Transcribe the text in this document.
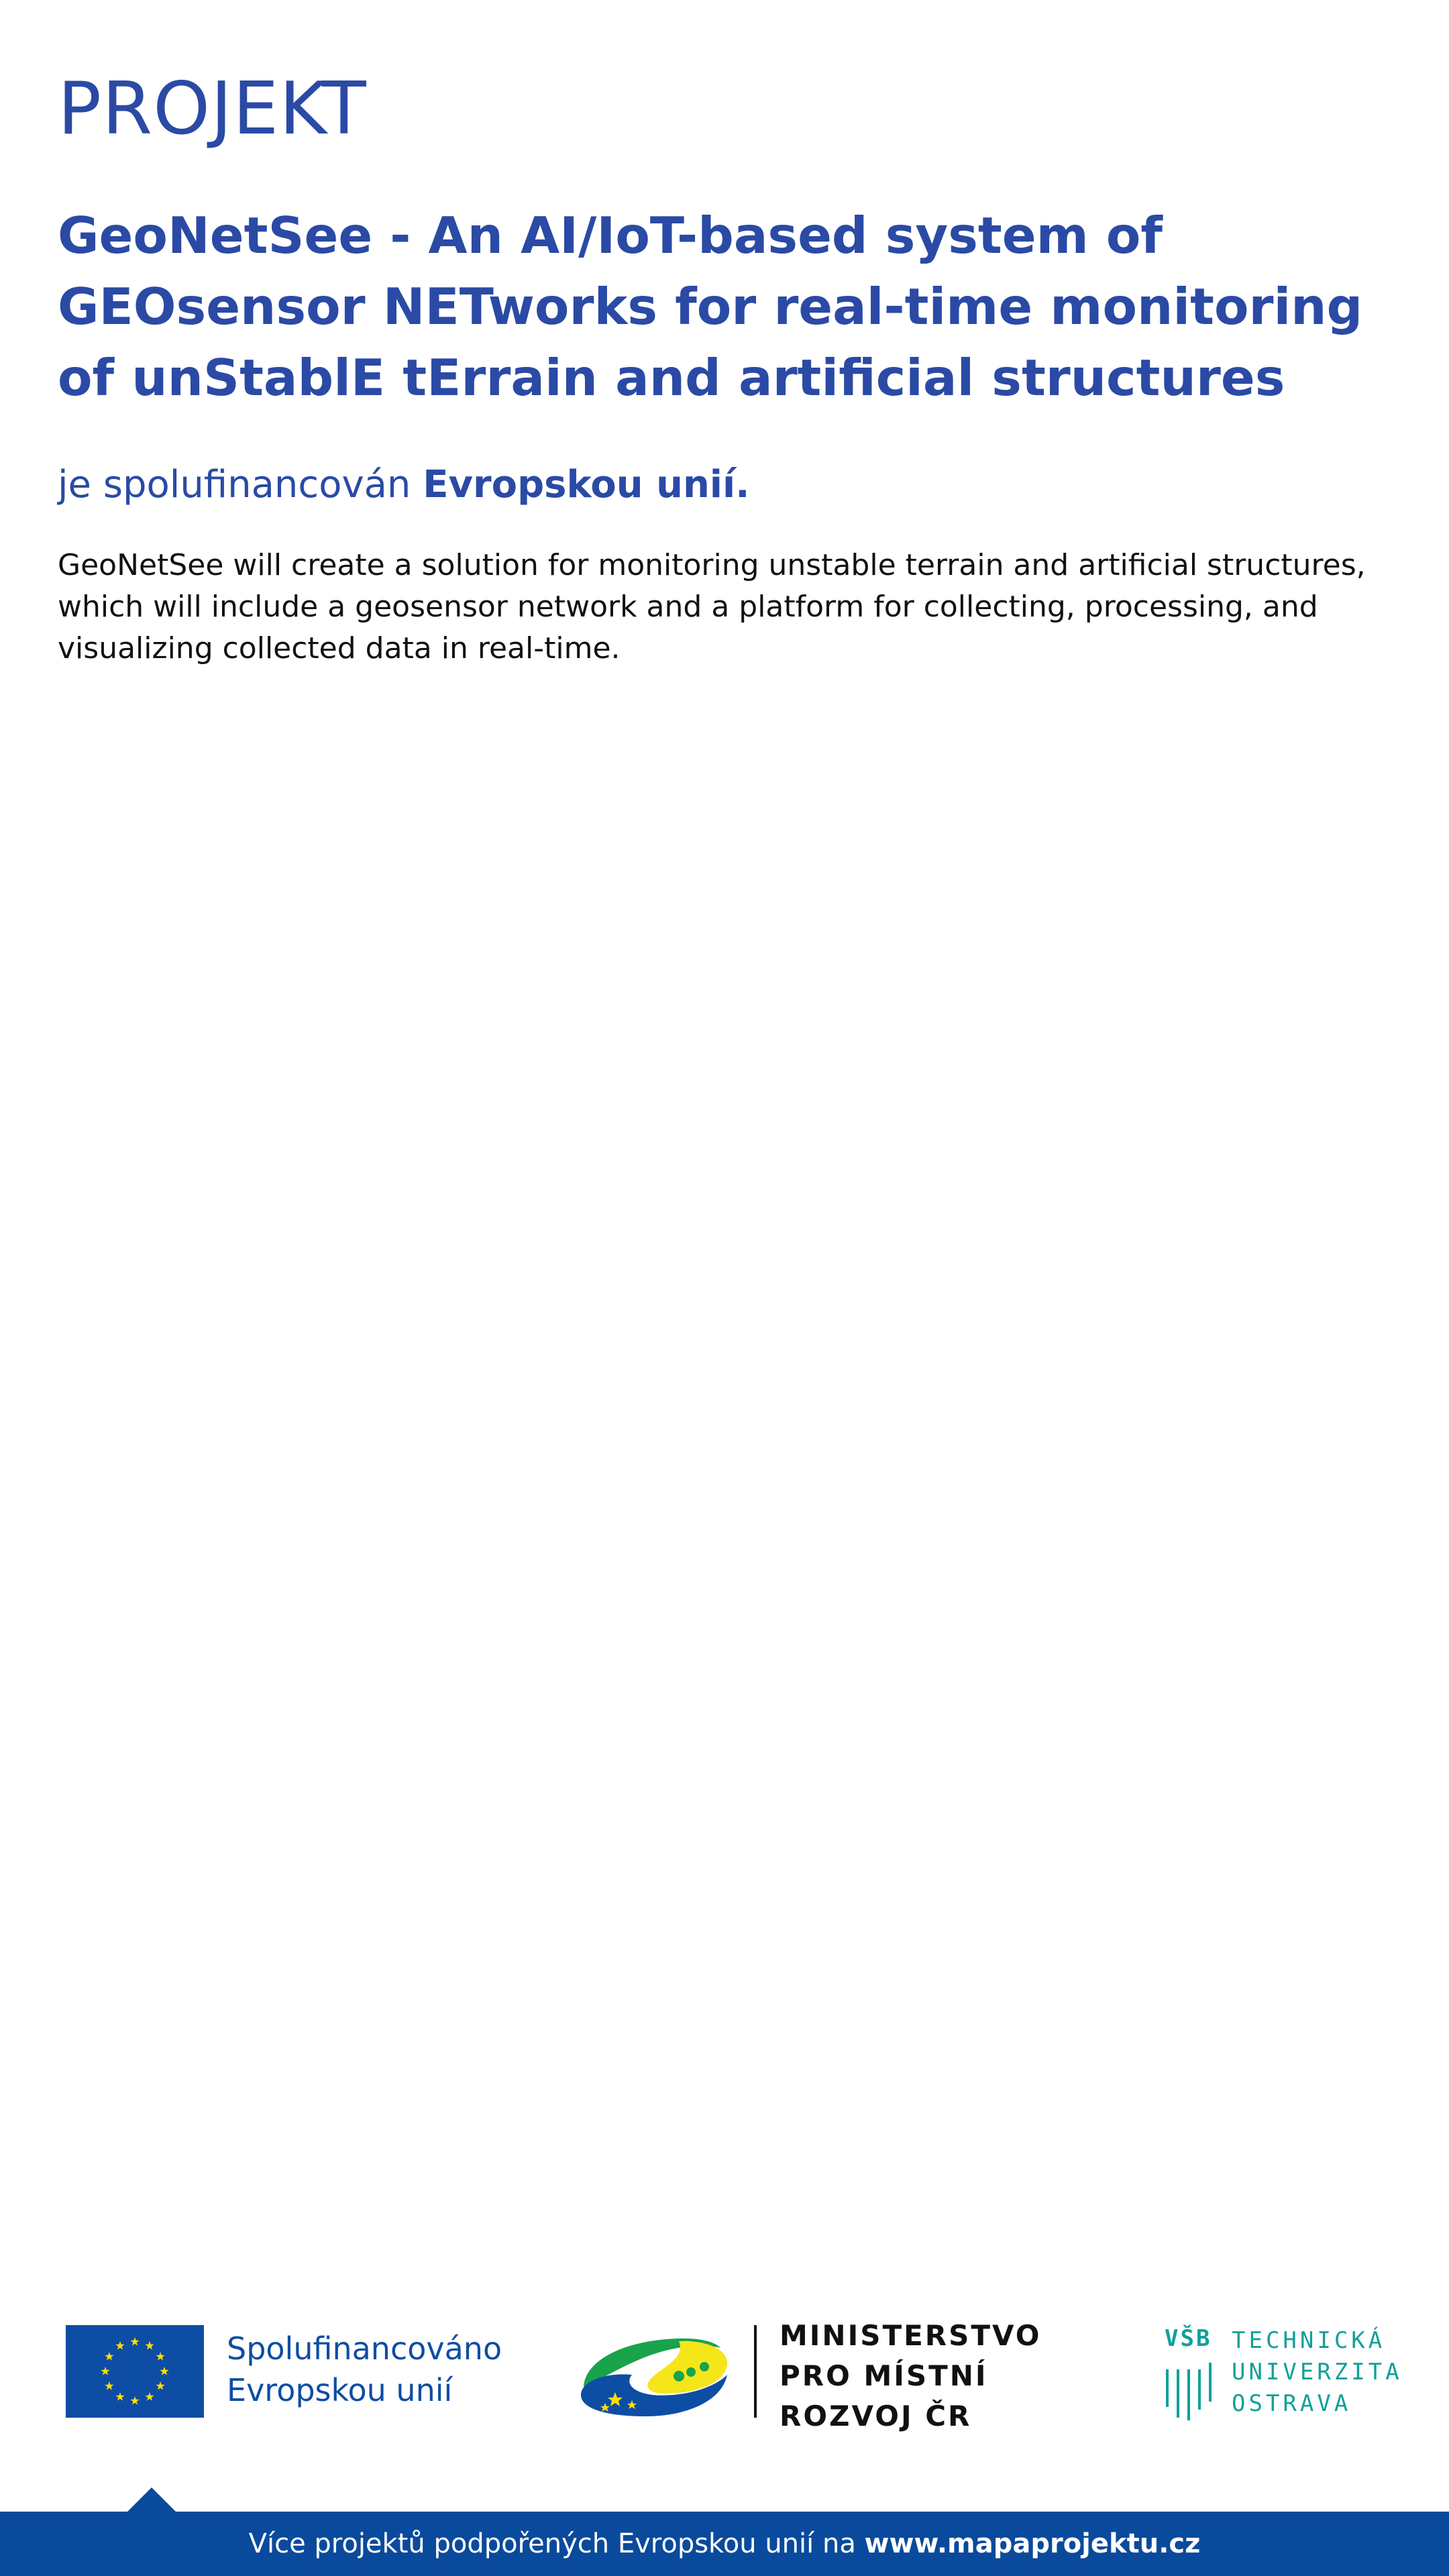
PROJEKT
GeoNetSee - An AI/IoT-based system of GEOsensor NETworks for real-time monitoring of unStablE tErrain and artificial structures
je spolufinancován Evropskou unií.
GeoNetSee will create a solution for monitoring unstable terrain and artificial structures, which will include a geosensor network and a platform for collecting, processing, and visualizing collected data in real-time.
Spolufinancováno
Evropskou unií
MINISTERSTVO
PRO MÍSTNÍ
ROZVOJ ČR
VŠB TECHNICKÁ
UNIVERZITA
OSTRAVA
Více projektů podpořených Evropskou unií na www.mapaprojektu.cz
